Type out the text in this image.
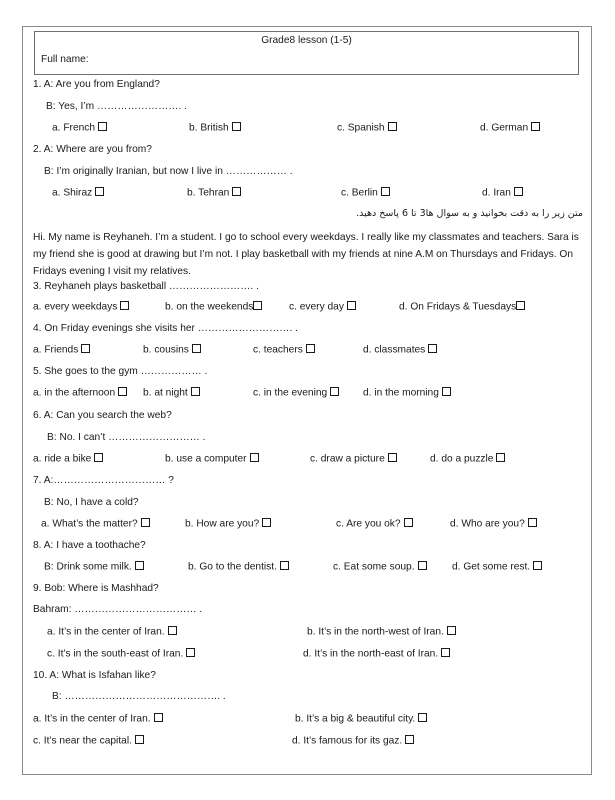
Grade8 lesson (1-5)
Full name:
1. A: Are you from England?
B: Yes, I’m ……………………. .
a. French	b. British	c. Spanish	d. German
2. A: Where are you from?
B: I’m originally Iranian, but now I live in ……………… .
a. Shiraz	b. Tehran	c. Berlin	d. Iran
متن زیر را به دقت بخوانید و به سوال ها3 تا 6 پاسخ دهید.
Hi. My name is Reyhaneh. I’m a student. I go to school every weekdays. I really like my classmates and teachers. Sara is my friend she is good at drawing but I’m not. I play basketball with my friends at nine A.M on Thursdays and Fridays. On Fridays evening I visit my relatives.
3. Reyhaneh plays basketball ……………………. .
a. every weekdays	b. on the weekends	c. every day	d. On Fridays & Tuesdays
4. On Friday evenings she visits her ………………………. .
a. Friends	b. cousins	c. teachers	d. classmates
5. She goes to the gym ……………… .
a. in the afternoon	b. at night	c. in the evening	d. in the morning
6. A: Can you search the web?
B: No. I can’t ……………………… .
a. ride a bike	b. use a computer	c. draw a picture	d. do a puzzle
7. A:…………………………… ?
B: No, I have a cold?
a. What’s the matter?	b. How are you?	c. Are you ok?	d. Who are you?
8. A: I have a toothache?
B: Drink some milk.	b. Go to the dentist.	c. Eat some soup.	d. Get some rest.
9. Bob: Where is Mashhad?
Bahram: ……………………………… .
a. It’s in the center of Iran.	b. It’s in the north-west of Iran.
c. It’s in the south-east of Iran.	d. It’s in the north-east of Iran.
10. A: What is Isfahan like?
B: ………………………………………. .
a. It’s in the center of Iran.	b. It’s a big & beautiful city.
c. It’s near the capital.	d. It’s famous for its gaz.
